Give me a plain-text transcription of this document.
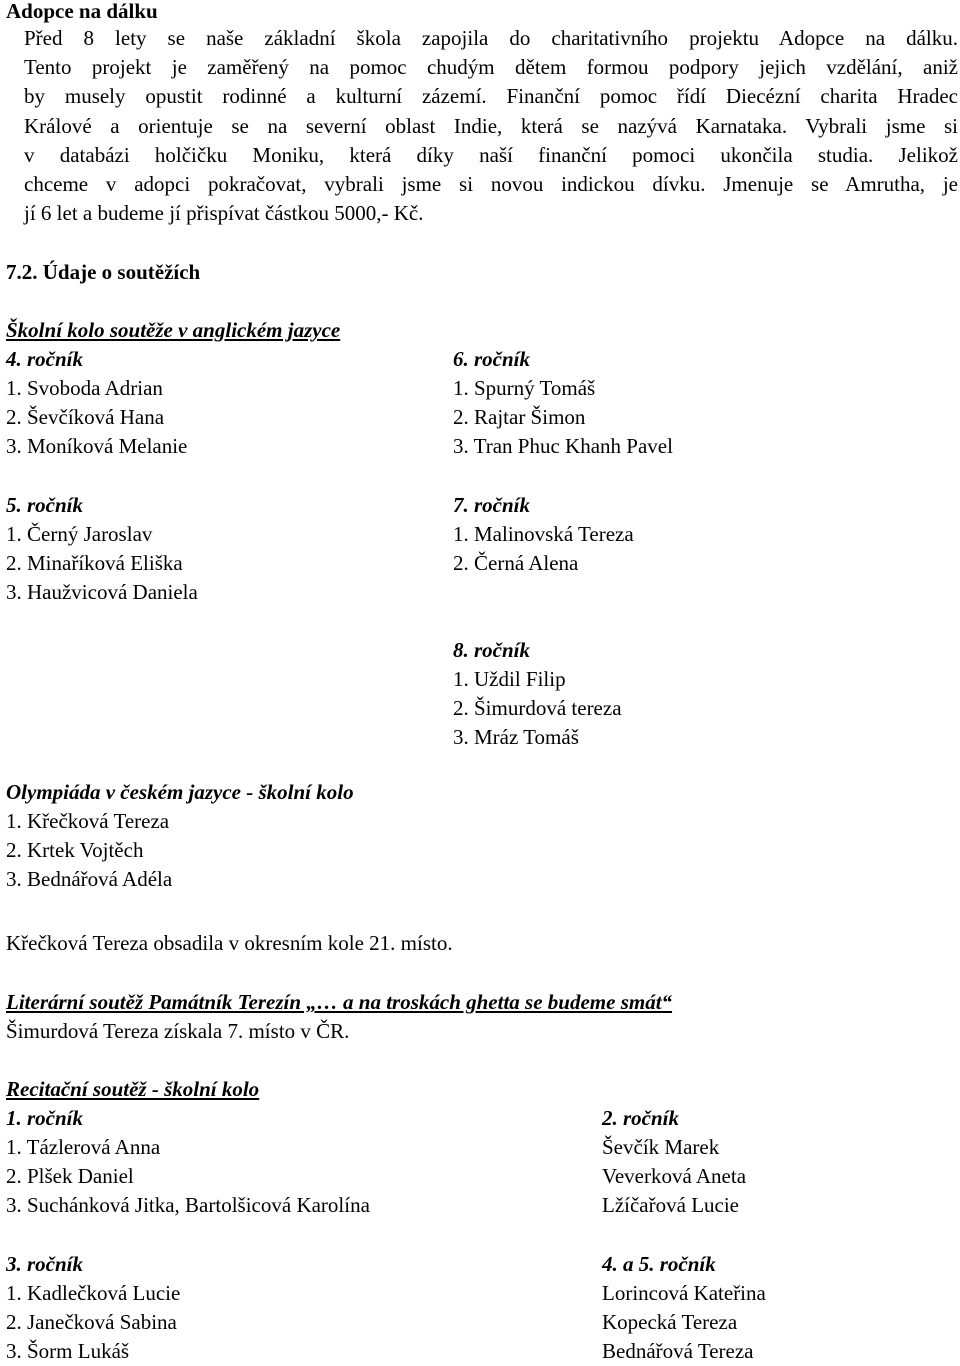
Adopce na dálku
Před 8 lety se naše základní škola zapojila do charitativního projektu Adopce na dálku.
Tento projekt je zaměřený na pomoc chudým dětem formou podpory jejich vzdělání, aniž
by musely opustit rodinné a kulturní zázemí. Finanční pomoc řídí Diecézní charita Hradec
Králové a orientuje se na severní oblast Indie, která se nazývá Karnataka. Vybrali jsme si
v databázi holčičku Moniku, která díky naší finanční pomoci ukončila studia. Jelikož
chceme v adopci pokračovat, vybrali jsme si novou indickou dívku. Jmenuje se Amrutha, je
jí 6 let a budeme jí přispívat částkou 5000,- Kč.
7.2. Údaje o soutěžích
Školní kolo soutěže v anglickém jazyce
4. ročník
1. Svoboda Adrian
2. Ševčíková Hana
3. Moníková Melanie
6. ročník
1. Spurný Tomáš
2. Rajtar Šimon
3. Tran Phuc Khanh Pavel
5. ročník
1. Černý Jaroslav
2. Minaříková Eliška
3. Haužvicová Daniela
7. ročník
1. Malinovská Tereza
2. Černá Alena
8. ročník
1. Uždil Filip
2. Šimurdová tereza
3. Mráz Tomáš
Olympiáda v českém jazyce - školní kolo
1. Křečková Tereza
2. Krtek Vojtěch
3. Bednářová Adéla
Křečková Tereza obsadila v okresním kole 21. místo.
Literární soutěž Památník Terezín „… a na troskách ghetta se budeme smát“
Šimurdová Tereza získala 7. místo v ČR.
Recitační soutěž - školní kolo
1. ročník
1. Tázlerová Anna
2. Plšek Daniel
3. Suchánková Jitka, Bartolšicová Karolína
2. ročník
Ševčík Marek
Veverková Aneta
Lžíčařová Lucie
3. ročník
1. Kadlečková Lucie
2. Janečková Sabina
3. Šorm Lukáš
4. a 5. ročník
Lorincová Kateřina
Kopecká Tereza
Bednářová Tereza
